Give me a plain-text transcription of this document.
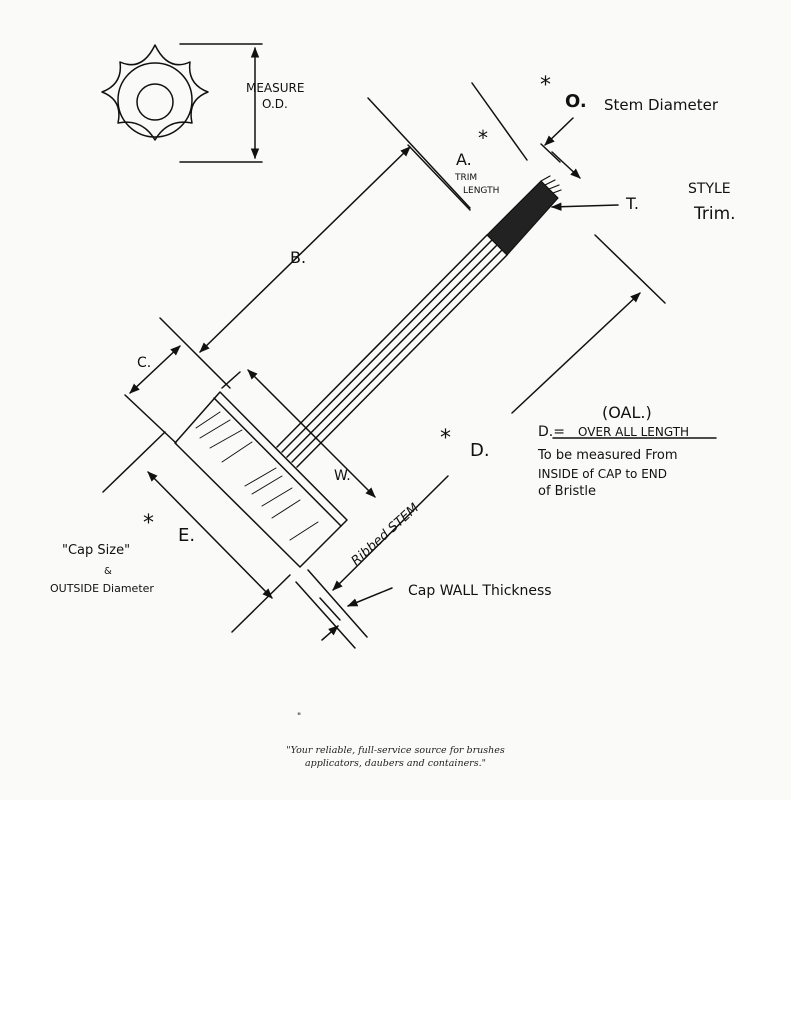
MEASURE
O.D.
*
O. Stem Diameter
*
A.
TRIM
LENGTH	STYLE
T.
Trim.
B.
C.
(OAL.)
D.= OVER ALL LENGTH
To be measured From
INSIDE of CAP to END
of Bristle
* D.
W.
* E.	Ribbed STEM
"Cap Size"
&
OUTSIDE Diameter	Cap WALL Thickness
"
"Your reliable, full-service source for brushes
applicators, daubers and containers."
